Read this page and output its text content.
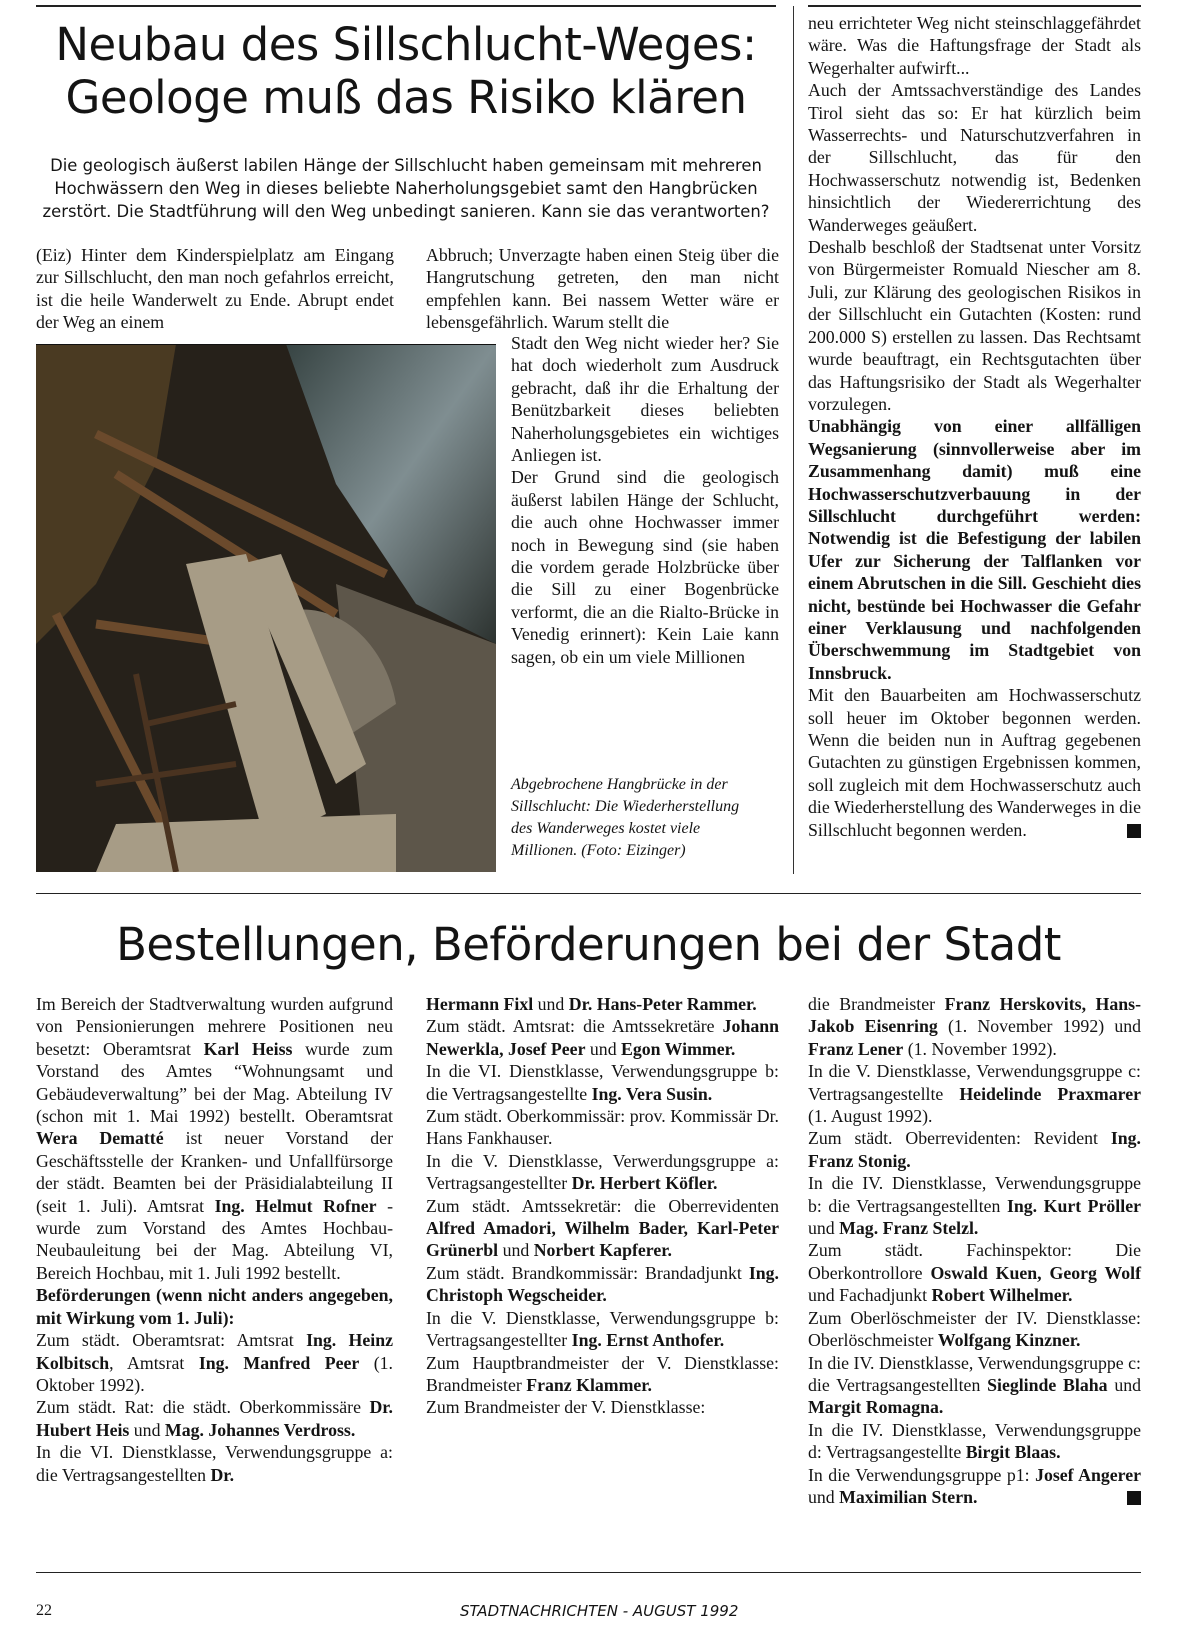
Neubau des Sillschlucht-Weges:
Geologe muß das Risiko klären

Die geologisch äußerst labilen Hänge der Sillschlucht haben gemeinsam mit mehreren Hochwässern den Weg in dieses beliebte Naherholungsgebiet samt den Hangbrücken zerstört. Die Stadtführung will den Weg unbedingt sanieren. Kann sie das verantworten?

(Eiz) Hinter dem Kinderspielplatz am Eingang zur Sillschlucht, den man noch gefahrlos erreicht, ist die heile Wanderwelt zu Ende. Abrupt endet der Weg an einem

Abbruch; Unverzagte haben einen Steig über die Hangrutschung getreten, den man nicht empfehlen kann. Bei nassem Wetter wäre er lebensgefährlich. Warum stellt die

Stadt den Weg nicht wieder her? Sie hat doch wiederholt zum Ausdruck gebracht, daß ihr die Erhaltung der Benützbarkeit dieses beliebten Naherholungsgebietes ein wichtiges Anliegen ist.

Der Grund sind die geologisch äußerst labilen Hänge der Schlucht, die auch ohne Hochwasser immer noch in Bewegung sind (sie haben die vordem gerade Holzbrücke über die Sill zu einer Bogenbrücke verformt, die an die Rialto-Brücke in Venedig erinnert): Kein Laie kann sagen, ob ein um viele Millionen

Abgebrochene Hangbrücke in der Sillschlucht: Die Wiederherstellung des Wanderweges kostet viele Millionen. (Foto: Eizinger)

neu errichteter Weg nicht steinschlaggefährdet wäre. Was die Haftungsfrage der Stadt als Wegerhalter aufwirft...

Auch der Amtssachverständige des Landes Tirol sieht das so: Er hat kürzlich beim Wasserrechts- und Naturschutzverfahren in der Sillschlucht, das für den Hochwasserschutz notwendig ist, Bedenken hinsichtlich der Wiedererrichtung des Wanderweges geäußert.

Deshalb beschloß der Stadtsenat unter Vorsitz von Bürgermeister Romuald Niescher am 8. Juli, zur Klärung des geologischen Risikos in der Sillschlucht ein Gutachten (Kosten: rund 200.000 S) erstellen zu lassen. Das Rechtsamt wurde beauftragt, ein Rechtsgutachten über das Haftungsrisiko der Stadt als Wegerhalter vorzulegen.

Unabhängig von einer allfälligen Wegsanierung (sinnvollerweise aber im Zusammenhang damit) muß eine Hochwasserschutzverbauung in der Sillschlucht durchgeführt werden: Notwendig ist die Befestigung der labilen Ufer zur Sicherung der Talflanken vor einem Abrutschen in die Sill. Geschieht dies nicht, bestünde bei Hochwasser die Gefahr einer Verklausung und nachfolgenden Überschwemmung im Stadtgebiet von Innsbruck.

Mit den Bauarbeiten am Hochwasserschutz soll heuer im Oktober begonnen werden. Wenn die beiden nun in Auftrag gegebenen Gutachten zu günstigen Ergebnissen kommen, soll zugleich mit dem Hochwasserschutz auch die Wiederherstellung des Wanderweges in die Sillschlucht begonnen werden.

Bestellungen, Beförderungen bei der Stadt

Im Bereich der Stadtverwaltung wurden aufgrund von Pensionierungen mehrere Positionen neu besetzt: Oberamtsrat Karl Heiss wurde zum Vorstand des Amtes “Wohnungsamt und Gebäudeverwaltung” bei der Mag. Abteilung IV (schon mit 1. Mai 1992) bestellt. Oberamtsrat Wera Dematté ist neuer Vorstand der Geschäftsstelle der Kranken- und Unfallfürsorge der städt. Beamten bei der Präsidialabteilung II (seit 1. Juli). Amtsrat Ing. Helmut Rofner - wurde zum Vorstand des Amtes Hochbau- Neubauleitung bei der Mag. Abteilung VI, Bereich Hochbau, mit 1. Juli 1992 bestellt.

Beförderungen (wenn nicht anders angegeben, mit Wirkung vom 1. Juli):

Zum städt. Oberamtsrat: Amtsrat Ing. Heinz Kolbitsch, Amtsrat Ing. Manfred Peer (1. Oktober 1992).

Zum städt. Rat: die städt. Oberkommissäre Dr. Hubert Heis und Mag. Johannes Verdross.

In die VI. Dienstklasse, Verwendungsgruppe a: die Vertragsangestellten Dr.

Hermann Fixl und Dr. Hans-Peter Rammer.

Zum städt. Amtsrat: die Amtssekretäre Johann Newerkla, Josef Peer und Egon Wimmer.

In die VI. Dienstklasse, Verwendungsgruppe b: die Vertragsangestellte Ing. Vera Susin.

Zum städt. Oberkommissär: prov. Kommissär Dr. Hans Fankhauser.

In die V. Dienstklasse, Verwerdungsgruppe a: Vertragsangestellter Dr. Herbert Köfler.

Zum städt. Amtssekretär: die Oberrevidenten Alfred Amadori, Wilhelm Bader, Karl-Peter Grünerbl und Norbert Kapferer.

Zum städt. Brandkommissär: Brandadjunkt Ing. Christoph Wegscheider.

In die V. Dienstklasse, Verwendungsgruppe b: Vertragsangestellter Ing. Ernst Anthofer.

Zum Hauptbrandmeister der V. Dienstklasse: Brandmeister Franz Klammer.

Zum Brandmeister der V. Dienstklasse:

die Brandmeister Franz Herskovits, Hans-Jakob Eisenring (1. November 1992) und Franz Lener (1. November 1992).

In die V. Dienstklasse, Verwendungsgruppe c: Vertragsangestellte Heidelinde Praxmarer (1. August 1992).

Zum städt. Oberrevidenten: Revident Ing. Franz Stonig.

In die IV. Dienstklasse, Verwendungsgruppe b: die Vertragsangestellten Ing. Kurt Pröller und Mag. Franz Stelzl.

Zum städt. Fachinspektor: Die Oberkontrollore Oswald Kuen, Georg Wolf und Fachadjunkt Robert Wilhelmer.

Zum Oberlöschmeister der IV. Dienstklasse: Oberlöschmeister Wolfgang Kinzner.

In die IV. Dienstklasse, Verwendungsgruppe c: die Vertragsangestellten Sieglinde Blaha und Margit Romagna.

In die IV. Dienstklasse, Verwendungsgruppe d: Vertragsangestellte Birgit Blaas.

In die Verwendungsgruppe p1: Josef Angerer und Maximilian Stern.

22	STADTNACHRICHTEN - AUGUST 1992
